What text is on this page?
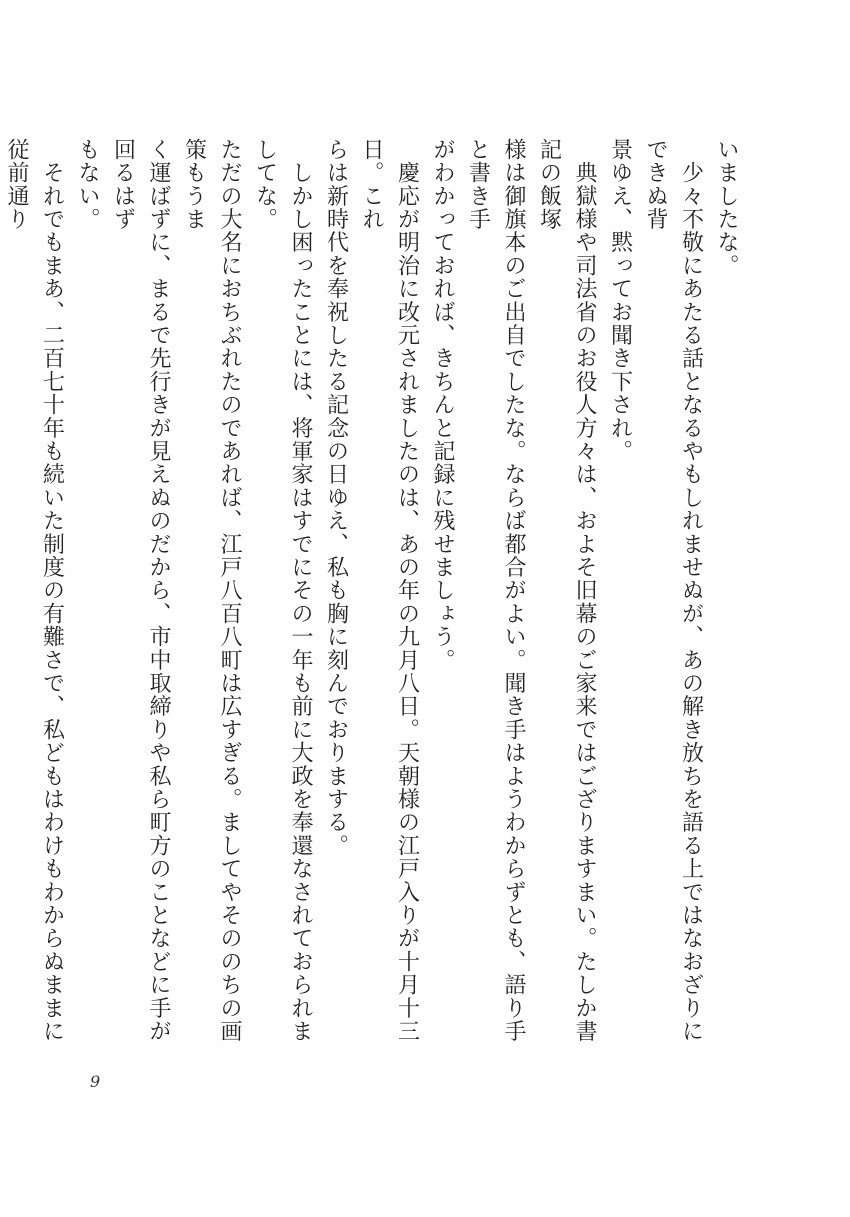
いましたな。

　少々不敬にあたる話となるやもしれませぬが、あの解き放ちを語る上ではなおざりにできぬ背

景ゆえ、黙ってお聞き下され。

　典獄様や司法省のお役人方々は、およそ旧幕のご家来ではござりますまい。たしか書記の飯塚

様は御旗本のご出自でしたな。ならば都合がよい。聞き手はようわからずとも、語り手と書き手

がわかっておれば、きちんと記録に残せましょう。

　慶応が明治に改元されましたのは、あの年の九月八日。天朝様の江戸入りが十月十三日。これ

らは新時代を奉祝したる記念の日ゆえ、私も胸に刻んでおりまする。

　しかし困ったことには、将軍家はすでにその一年も前に大政を奉還なされておられましてな。

ただの大名におちぶれたのであれば、江戸八百八町は広すぎる。ましてやそののちの画策もうま

く運ばずに、まるで先行きが見えぬのだから、市中取締りや私ら町方のことなどに手が回るはず

もない。

　それでもまあ、二百七十年も続いた制度の有難さで、私どもはわけもわからぬままに従前通り

9
